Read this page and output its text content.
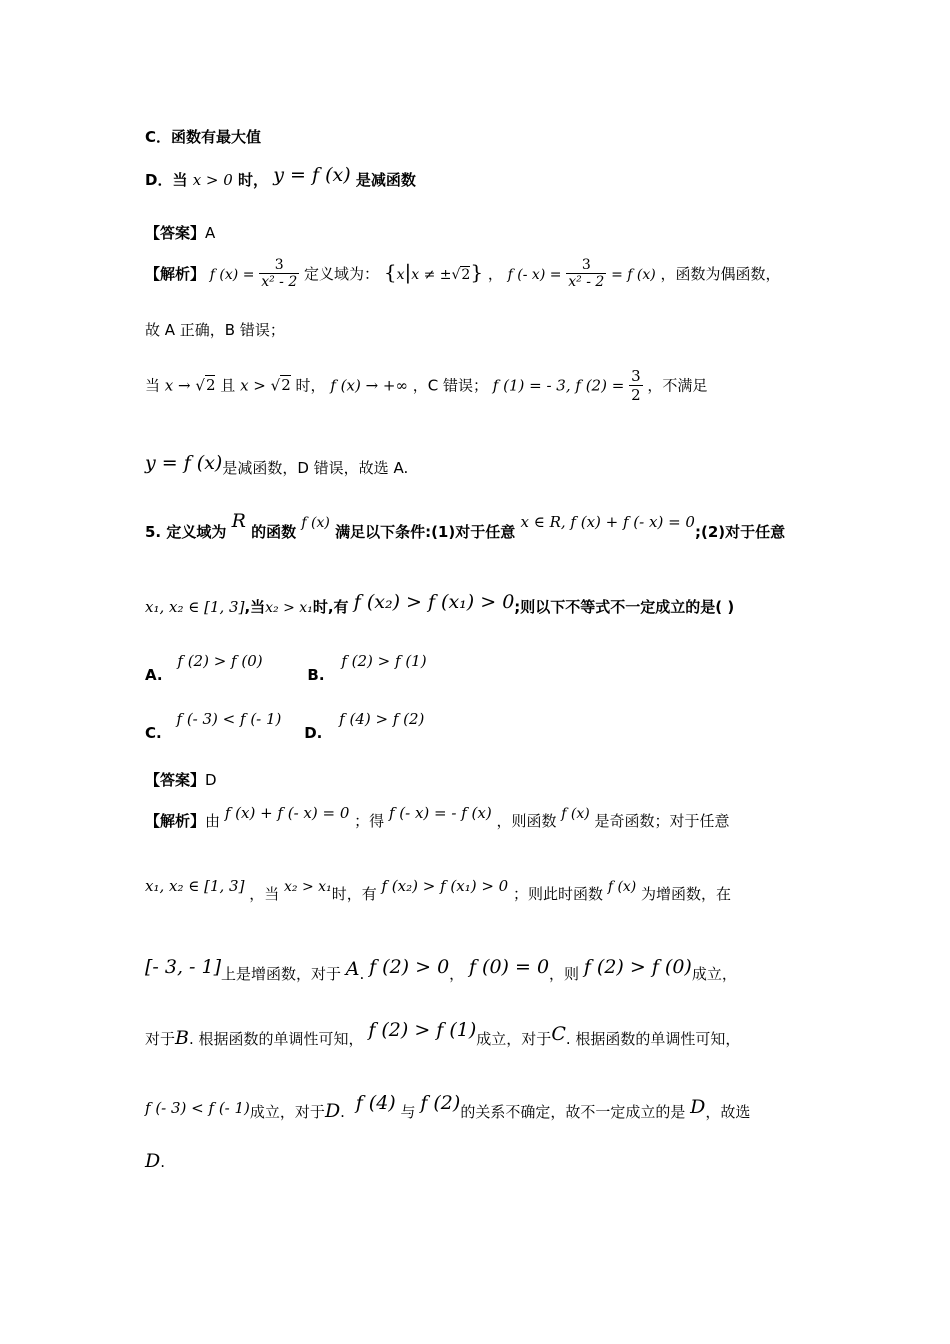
C．函数有最大值
D．当 x > 0 时， y = f (x) 是减函数
【答案】A
【解析】 f $(x) = \frac{3}{\text{x² - 2}}$ 定义域为： {x|x ≠ ±√2} ， f (- $x) = \frac{3}{\text{x² - 2}} = f$ (x) ，函数为偶函数，
故 A 正确，B 错误；
当 x → √2 且 x > √2 时， f (x) → +∞ ，C 错误； f (1) = - 3, f $(2) = \frac{3}{2}$ ，不满足
y = f (x)是减函数，D 错误，故选 A.
5. 定义域为 R 的函数 f (x) 满足以下条件:(1)对于任意 x ∈ R, f (x) + f (- x) = 0;(2)对于任意
x₁, x₂ ∈ [1, 3],当x₂ > x₁时,有 f (x₂) > f (x₁) > 0;则以下不等式不一定成立的是( )
A. f (2) > f (0) B. f (2) > f (1)
C. f (- 3) < f (- 1) D. f (4) > f (2)
【答案】D
【解析】由 f (x) + f (- x) = 0 ；得 f (- x) = - f (x) ，则函数 f (x) 是奇函数；对于任意
x₁, x₂ ∈ [1, 3] ，当 x₂ > x₁时，有 f (x₂) > f (x₁) > 0 ；则此时函数 f (x) 为增函数，在
[- 3, - 1]上是增函数，对于 A. f (2) > 0， f (0) = 0，则 f (2) > f (0)成立，
对于B. 根据函数的单调性可知， f (2) > f (1)成立，对于C. 根据函数的单调性可知，
f (- 3) < f (- 1)成立，对于D. f (4) 与 f (2)的关系不确定，故不一定成立的是 D，故选
D.
